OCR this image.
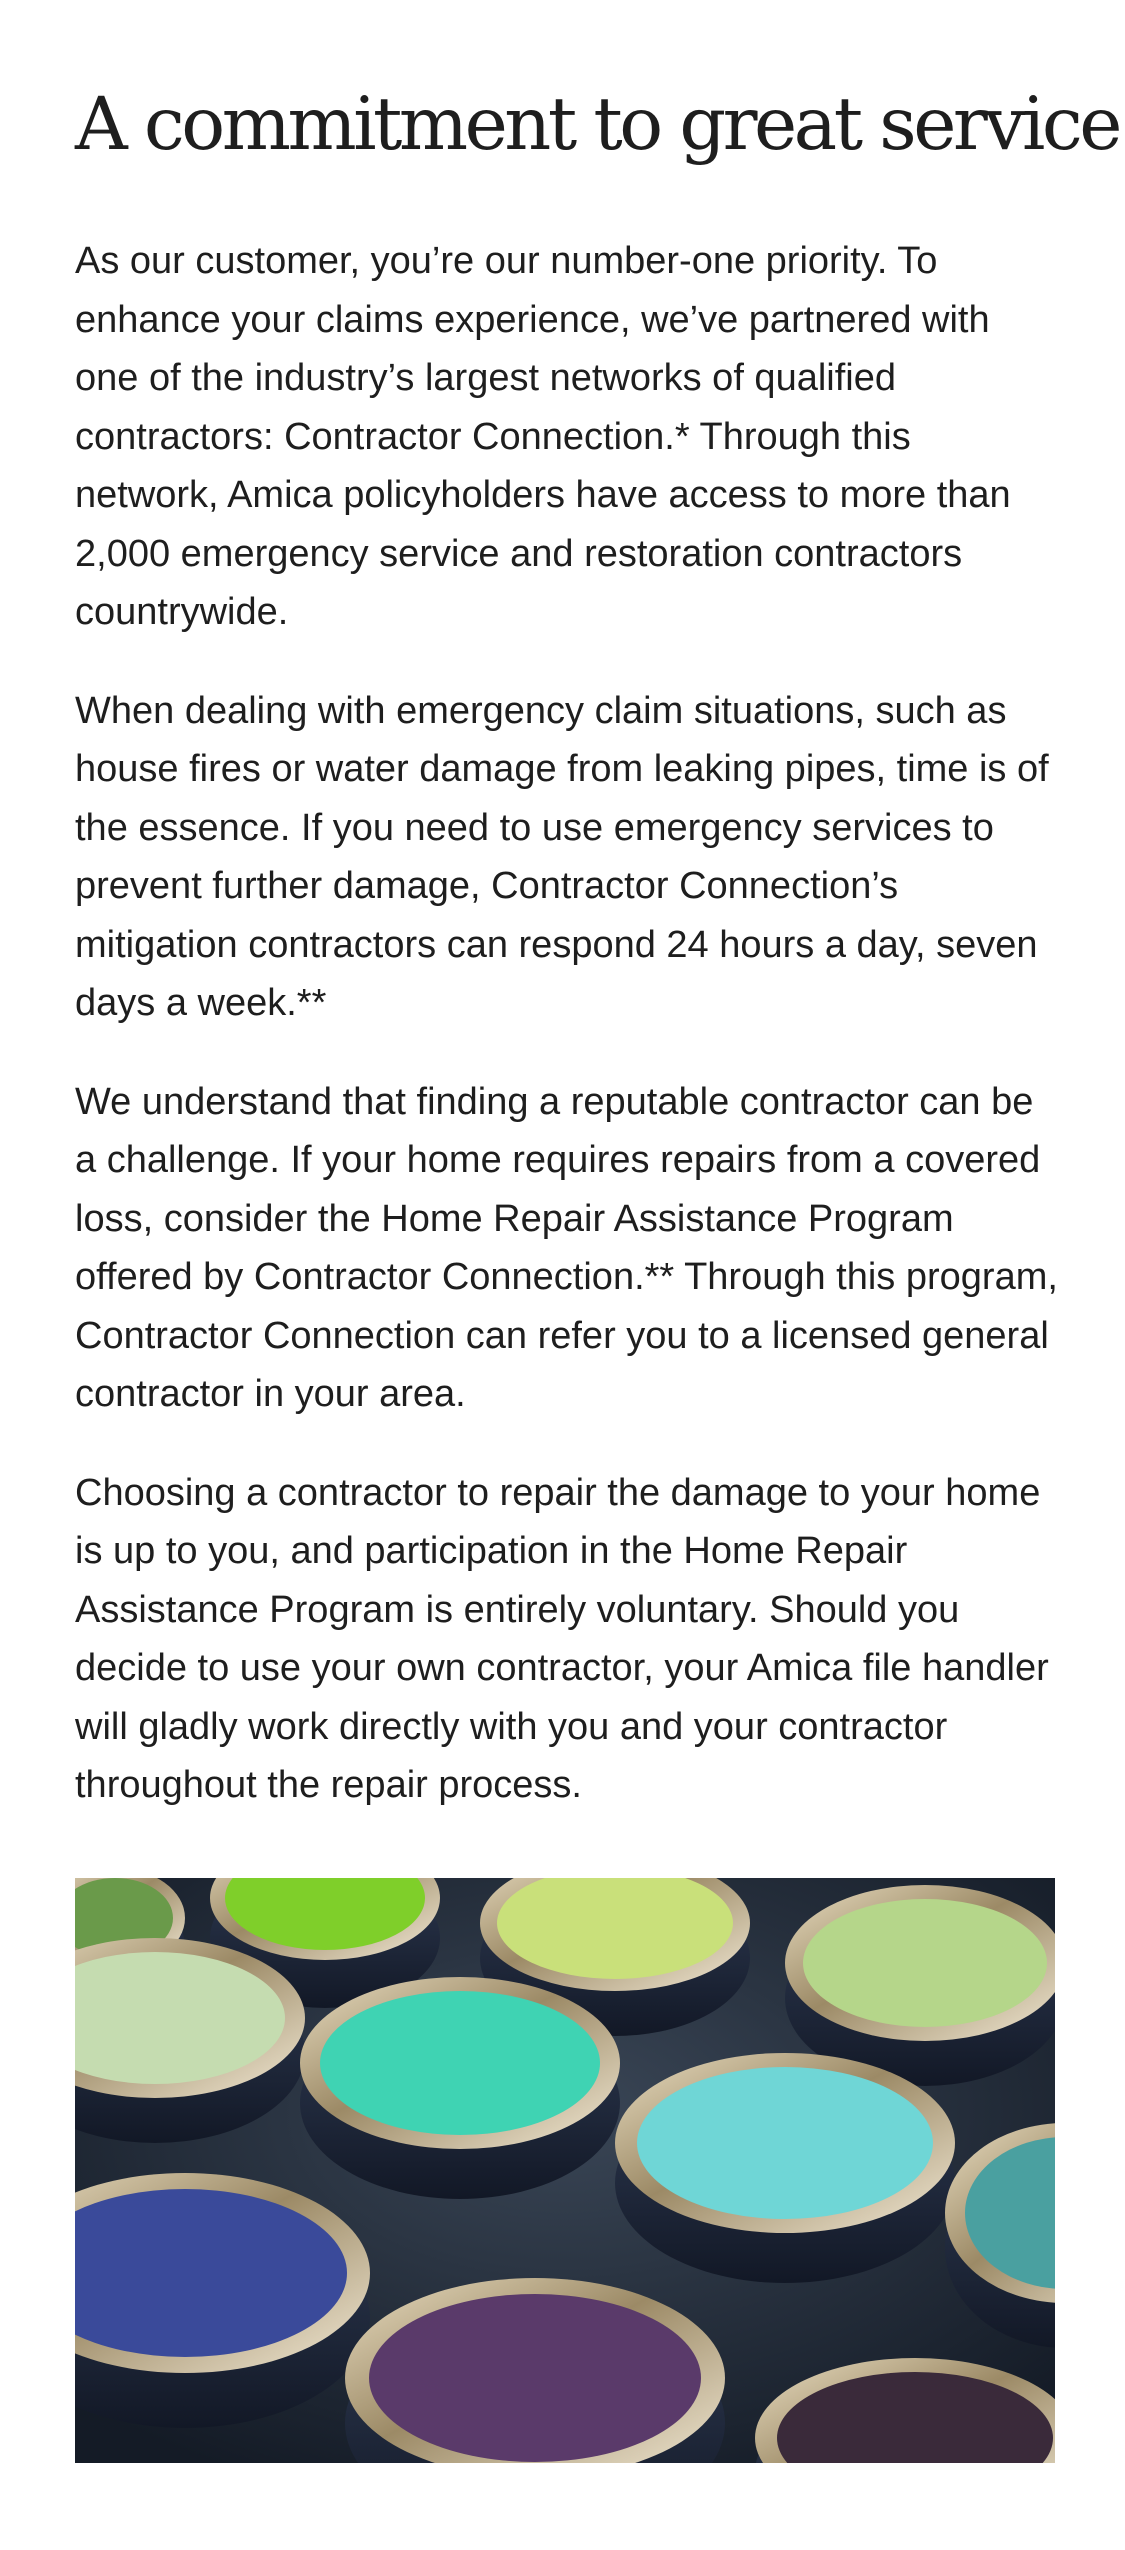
A commitment to great service

As our customer, you’re our number-one priority. To enhance your claims experience, we’ve partnered with one of the industry’s largest networks of qualified contractors: Contractor Connection.* Through this network, Amica policyholders have access to more than 2,000 emergency service and restoration contractors countrywide.

When dealing with emergency claim situations, such as house fires or water damage from leaking pipes, time is of the essence. If you need to use emergency services to prevent further damage, Contractor Connection’s mitigation contractors can respond 24 hours a day, seven days a week.**

We understand that finding a reputable contractor can be a challenge. If your home requires repairs from a covered loss, consider the Home Repair Assistance Program offered by Contractor Connection.** Through this program, Contractor Connection can refer you to a licensed general contractor in your area.

Choosing a contractor to repair the damage to your home is up to you, and participation in the Home Repair Assistance Program is entirely voluntary. Should you decide to use your own contractor, your Amica file handler will gladly work directly with you and your contractor throughout the repair process.
